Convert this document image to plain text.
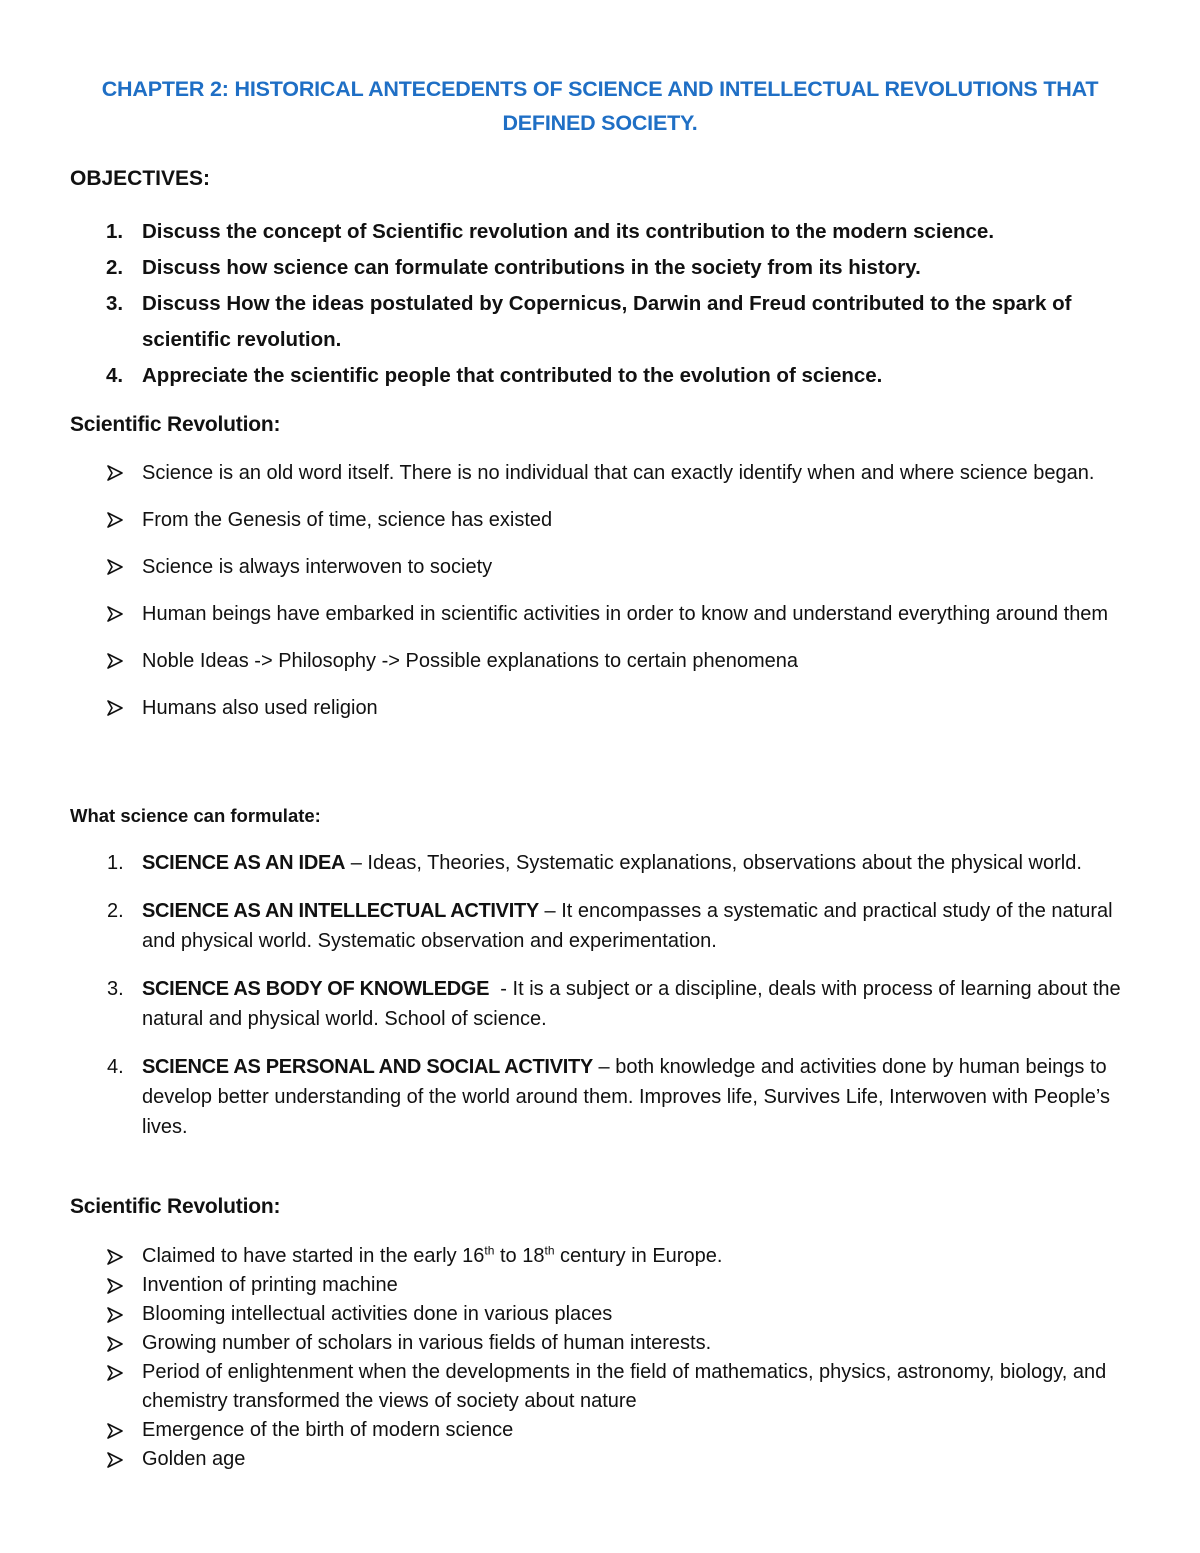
CHAPTER 2: HISTORICAL ANTECEDENTS OF SCIENCE AND INTELLECTUAL REVOLUTIONS THAT
DEFINED SOCIETY.
OBJECTIVES:
1. Discuss the concept of Scientific revolution and its contribution to the modern science.
2. Discuss how science can formulate contributions in the society from its history.
3. Discuss How the ideas postulated by Copernicus, Darwin and Freud contributed to the spark of scientific revolution.
4. Appreciate the scientific people that contributed to the evolution of science.
Scientific Revolution:
Science is an old word itself. There is no individual that can exactly identify when and where science began.
From the Genesis of time, science has existed
Science is always interwoven to society
Human beings have embarked in scientific activities in order to know and understand everything around them
Noble Ideas -> Philosophy -> Possible explanations to certain phenomena
Humans also used religion
What science can formulate:
1. SCIENCE AS AN IDEA – Ideas, Theories, Systematic explanations, observations about the physical world.
2. SCIENCE AS AN INTELLECTUAL ACTIVITY – It encompasses a systematic and practical study of the natural and physical world. Systematic observation and experimentation.
3. SCIENCE AS BODY OF KNOWLEDGE  - It is a subject or a discipline, deals with process of learning about the natural and physical world. School of science.
4. SCIENCE AS PERSONAL AND SOCIAL ACTIVITY – both knowledge and activities done by human beings to develop better understanding of the world around them. Improves life, Survives Life, Interwoven with People’s lives.
Scientific Revolution:
Claimed to have started in the early 16th to 18th century in Europe.
Invention of printing machine
Blooming intellectual activities done in various places
Growing number of scholars in various fields of human interests.
Period of enlightenment when the developments in the field of mathematics, physics, astronomy, biology, and chemistry transformed the views of society about nature
Emergence of the birth of modern science
Golden age
